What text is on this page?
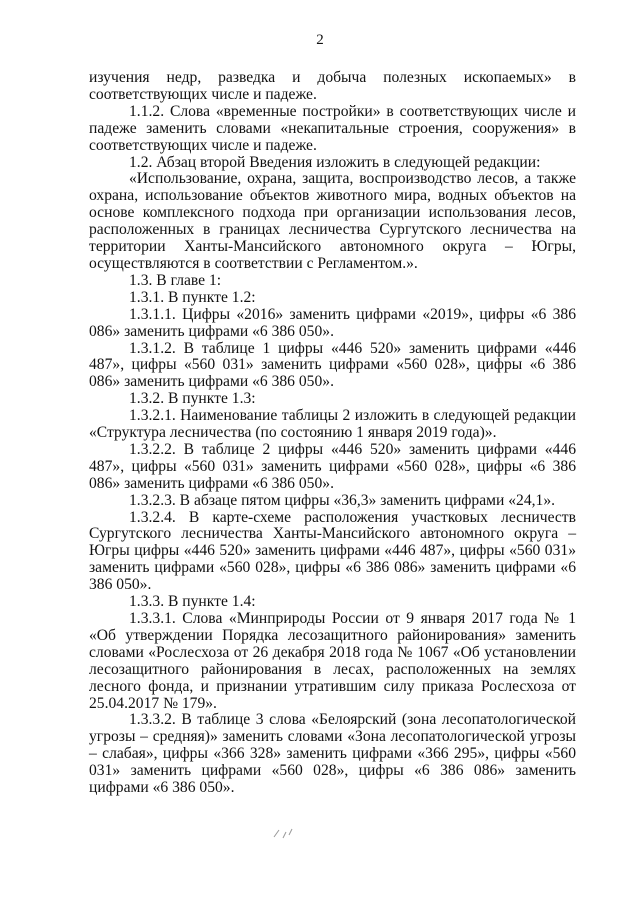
2

изучения недр, разведка и добыча полезных ископаемых» в соответствующих числе и падеже.

1.1.2. Слова «временные постройки» в соответствующих числе и падеже заменить словами «некапитальные строения, сооружения» в соответствующих числе и падеже.

1.2. Абзац второй Введения изложить в следующей редакции:

«Использование, охрана, защита, воспроизводство лесов, а также охрана, использование объектов животного мира, водных объектов на основе комплексного подхода при организации использования лесов, расположенных в границах лесничества Сургутского лесничества на территории Ханты-Мансийского автономного округа – Югры, осуществляются в соответствии с Регламентом.».

1.3. В главе 1:

1.3.1. В пункте 1.2:

1.3.1.1. Цифры «2016» заменить цифрами «2019», цифры «6 386 086» заменить цифрами «6 386 050».

1.3.1.2. В таблице 1 цифры «446 520» заменить цифрами «446 487», цифры «560 031» заменить цифрами «560 028», цифры «6 386 086» заменить цифрами «6 386 050».

1.3.2. В пункте 1.3:

1.3.2.1. Наименование таблицы 2 изложить в следующей редакции «Структура лесничества (по состоянию 1 января 2019 года)».

1.3.2.2. В таблице 2 цифры «446 520» заменить цифрами «446 487», цифры «560 031» заменить цифрами «560 028», цифры «6 386 086» заменить цифрами «6 386 050».

1.3.2.3. В абзаце пятом цифры «36,3» заменить цифрами «24,1».

1.3.2.4. В карте-схеме расположения участковых лесничеств Сургутского лесничества Ханты-Мансийского автономного округа – Югры цифры «446 520» заменить цифрами «446 487», цифры «560 031» заменить цифрами «560 028», цифры «6 386 086» заменить цифрами «6 386 050».

1.3.3. В пункте 1.4:

1.3.3.1. Слова «Минприроды России от 9 января 2017 года № 1 «Об утверждении Порядка лесозащитного районирования» заменить словами «Рослесхоза от 26 декабря 2018 года № 1067 «Об установлении лесозащитного районирования в лесах, расположенных на землях лесного фонда, и признании утратившим силу приказа Рослесхоза от 25.04.2017 № 179».

1.3.3.2. В таблице 3 слова «Белоярский (зона лесопатологической угрозы – средняя)» заменить словами «Зона лесопатологической угрозы – слабая», цифры «366 328» заменить цифрами «366 295», цифры «560 031» заменить цифрами «560 028», цифры «6 386 086» заменить цифрами «6 386 050».
